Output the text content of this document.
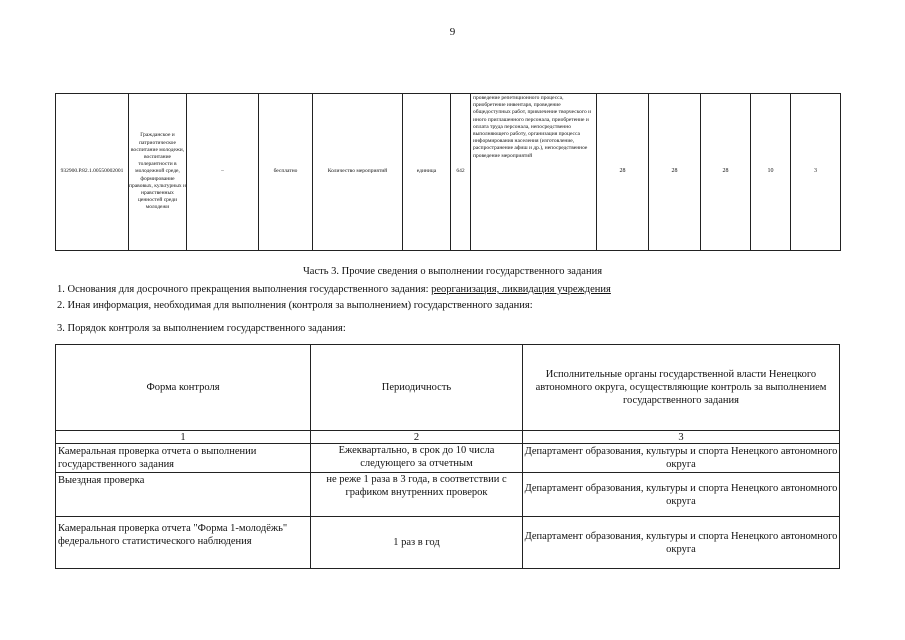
9
932900.Р.82.1.00550002001	Гражданское и патриотическое воспитание молодежи, воспитание толерантности в молодежной среде, формирование правовых, культурных и нравственных ценностей среди молодежи	–	бесплатно	Количество мероприятий	единица	642	проведение репетиционного процесса, приобретение инвентаря, проведение общедоступных работ, привлечение творческого и иного приглашенного персонала, приобретение и оплата труда персонала, непосредственно выполняющего работу, организация процесса информирования населения (изготовление, распространение афиш и др.), непосредственное проведение мероприятий	28	28	28	10	3
Часть 3. Прочие сведения о выполнении государственного задания
1. Основания для досрочного прекращения выполнения государственного задания: реорганизация, ликвидация учреждения
2. Иная информация, необходимая для выполнения (контроля за выполнением) государственного задания:
3. Порядок контроля за выполнением государственного задания:
Форма контроля	Периодичность	Исполнительные органы государственной власти Ненецкого автономного округа, осуществляющие контроль за выполнением государственного задания
1	2	3
Камеральная проверка отчета о выполнении государственного задания	Ежеквартально, в срок до 10 числа следующего за отчетным	Департамент образования, культуры и спорта Ненецкого автономного округа
Выездная проверка	не реже 1 раза в 3 года, в соответствии с графиком внутренних проверок	Департамент образования, культуры и спорта Ненецкого автономного округа
Камеральная проверка отчета "Форма 1-молодёжь" федерального статистического наблюдения	1 раз в год	Департамент образования, культуры и спорта Ненецкого автономного округа
